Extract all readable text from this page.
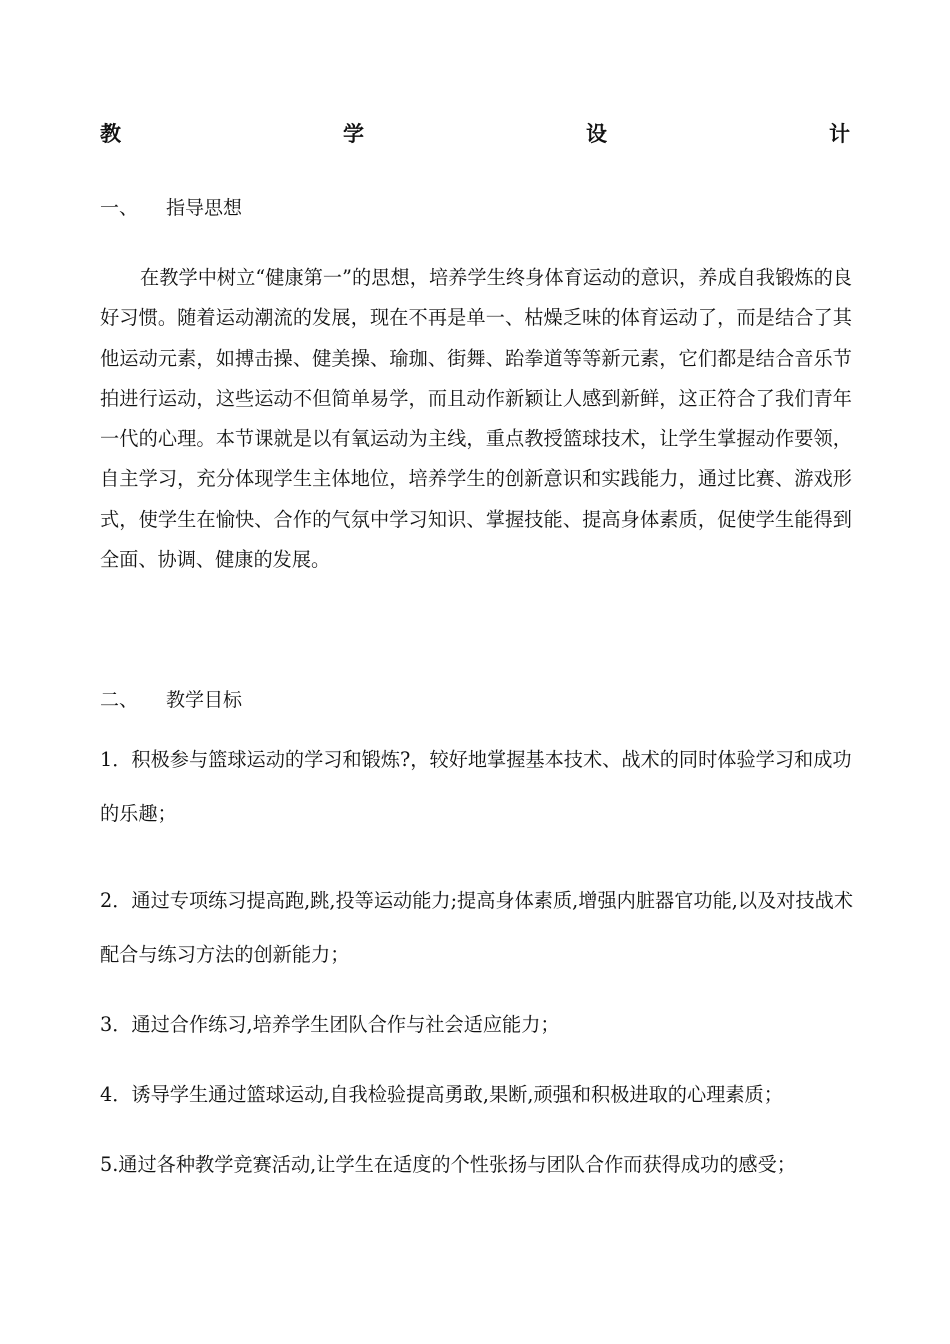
教	学	设	计
一、 指导思想

在教学中树立“健康第一”的思想，培养学生终身体育运动的意识，养成自我锻炼的良好习惯。随着运动潮流的发展，现在不再是单一、枯燥乏味的体育运动了，而是结合了其他运动元素，如搏击操、健美操、瑜珈、街舞、跆拳道等等新元素，它们都是结合音乐节拍进行运动，这些运动不但简单易学，而且动作新颖让人感到新鲜，这正符合了我们青年一代的心理。本节课就是以有氧运动为主线，重点教授篮球技术，让学生掌握动作要领，自主学习，充分体现学生主体地位，培养学生的创新意识和实践能力，通过比赛、游戏形式，使学生在愉快、合作的气氛中学习知识、掌握技能、提高身体素质，促使学生能得到全面、协调、健康的发展。

二、 教学目标

1．积极参与篮球运动的学习和锻炼?，较好地掌握基本技术、战术的同时体验学习和成功的乐趣；

2．通过专项练习提高跑,跳,投等运动能力;提高身体素质,增强内脏器官功能,以及对技战术配合与练习方法的创新能力；

3．通过合作练习,培养学生团队合作与社会适应能力；

4．诱导学生通过篮球运动,自我检验提高勇敢,果断,顽强和积极进取的心理素质；

5.通过各种教学竞赛活动,让学生在适度的个性张扬与团队合作而获得成功的感受；
